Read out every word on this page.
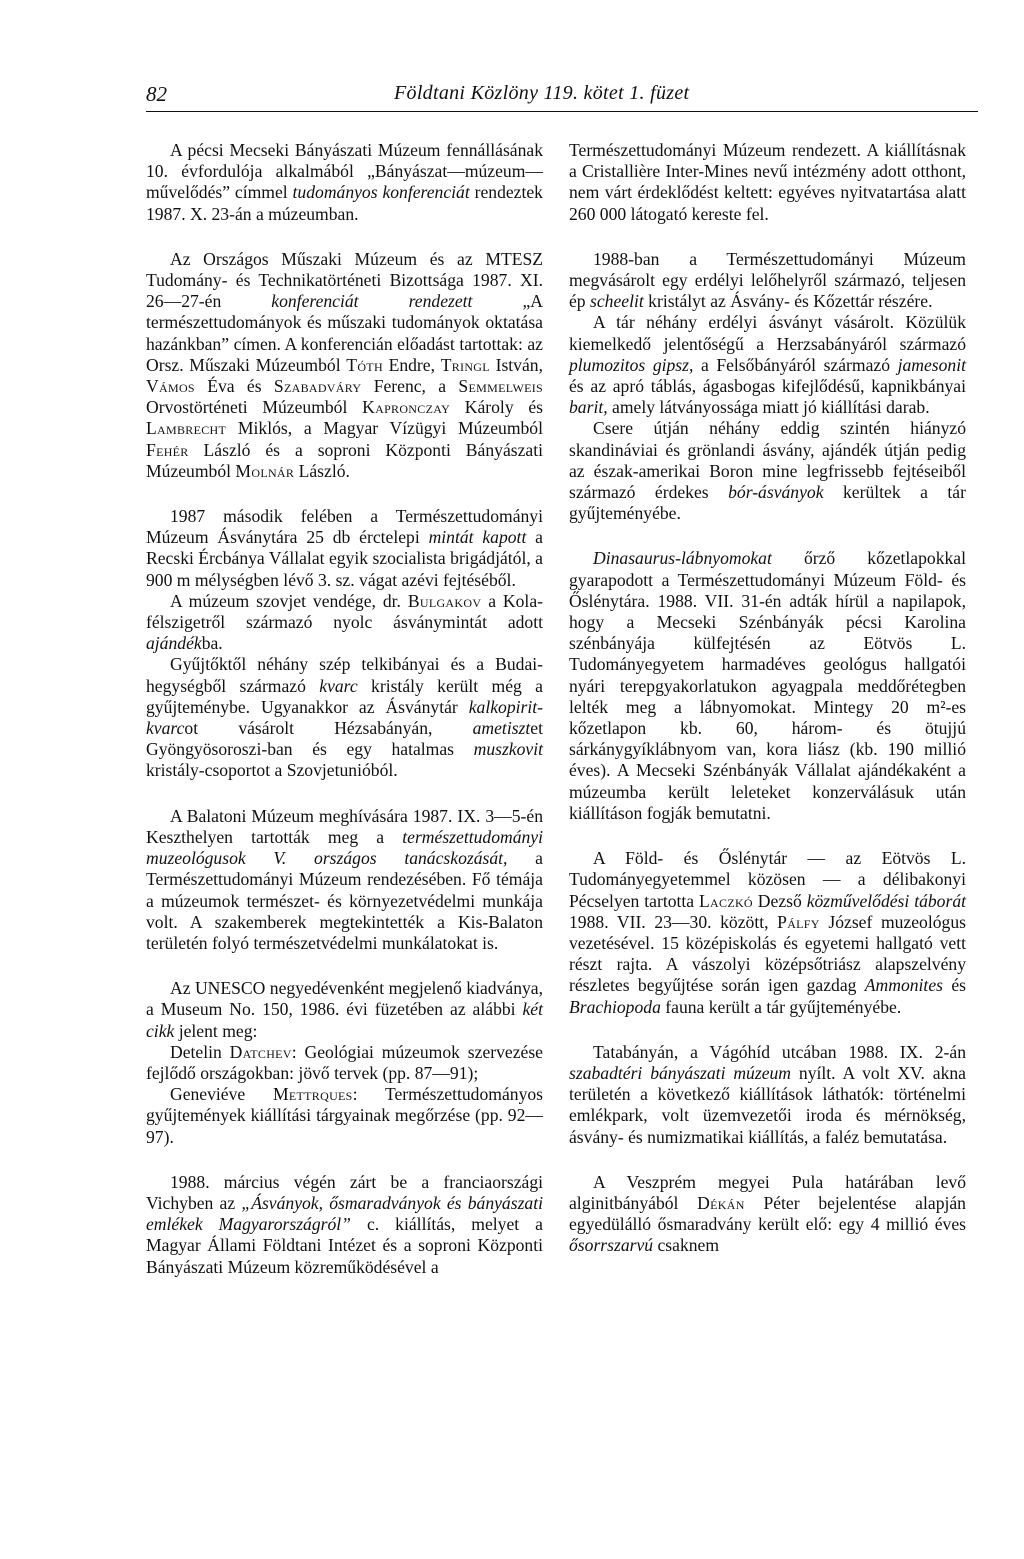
82	Földtani Közlöny 119. kötet 1. füzet

A pécsi Mecseki Bányászati Múzeum fennállásának 10. évfordulója alkalmából „Bányászat—múzeum—művelődés” címmel tudományos konferenciát rendeztek 1987. X. 23-án a múzeumban.

Az Országos Műszaki Múzeum és az MTESZ Tudomány- és Technikatörténeti Bizottsága 1987. XI. 26—27-én konferenciát rendezett „A természettudományok és műszaki tudományok oktatása hazánkban” címen. A konferencián előadást tartottak: az Orsz. Műszaki Múzeumból Tóth Endre, Tringl István, Vámos Éva és Szabadváry Ferenc, a Semmelweis Orvostörténeti Múzeumból Kapronczay Károly és Lambrecht Miklós, a Magyar Vízügyi Múzeumból Fehér László és a soproni Központi Bányászati Múzeumból Molnár László.

1987 második felében a Természettudományi Múzeum Ásványtára 25 db érctelepi mintát kapott a Recski Ércbánya Vállalat egyik szocialista brigádjától, a 900 m mélységben lévő 3. sz. vágat azévi fejtéséből.

A múzeum szovjet vendége, dr. Bulgakov a Kola-félszigetről származó nyolc ásványmintát adott ajándékba.

Gyűjtőktől néhány szép telkibányai és a Budai-hegységből származó kvarc kristály került még a gyűjteménybe. Ugyanakkor az Ásványtár kalkopirit-kvarcot vásárolt Hézsabányán, ametisztet Gyöngyösoroszi-ban és egy hatalmas muszkovit kristály-csoportot a Szovjetunióból.

A Balatoni Múzeum meghívására 1987. IX. 3—5-én Keszthelyen tartották meg a természettudományi muzeológusok V. országos tanácskozását, a Természettudományi Múzeum rendezésében. Fő témája a múzeumok természet- és környezetvédelmi munkája volt. A szakemberek megtekintették a Kis-Balaton területén folyó természetvédelmi munkálatokat is.

Az UNESCO negyedévenként megjelenő kiadványa, a Museum No. 150, 1986. évi füzetében az alábbi két cikk jelent meg:

Detelin Datchev: Geológiai múzeumok szervezése fejlődő országokban: jövő tervek (pp. 87—91);

Geneviéve Mettrques: Természettudományos gyűjtemények kiállítási tárgyainak megőrzése (pp. 92—97).

1988. március végén zárt be a franciaországi Vichyben az „Ásványok, ősmaradványok és bányászati emlékek Magyarországról” c. kiállítás, melyet a Magyar Állami Földtani Intézet és a soproni Központi Bányászati Múzeum közreműködésével a

Természettudományi Múzeum rendezett. A kiállításnak a Cristallière Inter-Mines nevű intézmény adott otthont, nem várt érdeklődést keltett: egyéves nyitvatartása alatt 260 000 látogató kereste fel.

1988-ban a Természettudományi Múzeum megvásárolt egy erdélyi lelőhelyről származó, teljesen ép scheelit kristályt az Ásvány- és Kőzettár részére.

A tár néhány erdélyi ásványt vásárolt. Közülük kiemelkedő jelentőségű a Herzsabányáról származó plumozitos gipsz, a Felsőbányáról származó jamesonit és az apró táblás, ágasbogas kifejlődésű, kapnikbányai barit, amely látványossága miatt jó kiállítási darab.

Csere útján néhány eddig szintén hiányzó skandináviai és grönlandi ásvány, ajándék útján pedig az észak-amerikai Boron mine legfrissebb fejtéseiből származó érdekes bór-ásványok kerültek a tár gyűjteményébe.

Dinasaurus-lábnyomokat őrző kőzetlapokkal gyarapodott a Természettudományi Múzeum Föld- és Őslénytára. 1988. VII. 31-én adták hírül a napilapok, hogy a Mecseki Szénbányák pécsi Karolina szénbányája külfejtésén az Eötvös L. Tudományegyetem harmadéves geológus hallgatói nyári terepgyakorlatukon agyagpala meddőrétegben lelték meg a lábnyomokat. Mintegy 20 m²-es kőzetlapon kb. 60, három- és ötujjú sárkánygyíklábnyom van, kora liász (kb. 190 millió éves). A Mecseki Szénbányák Vállalat ajándékaként a múzeumba került leleteket konzerválásuk után kiállításon fogják bemutatni.

A Föld- és Őslénytár — az Eötvös L. Tudományegyetemmel közösen — a délibakonyi Pécselyen tartotta Laczkó Dezső közművelődési táborát 1988. VII. 23—30. között, Pálfy József muzeológus vezetésével. 15 középiskolás és egyetemi hallgató vett részt rajta. A vászolyi középsőtriász alapszelvény részletes begyűjtése során igen gazdag Ammonites és Brachiopoda fauna került a tár gyűjteményébe.

Tatabányán, a Vágóhíd utcában 1988. IX. 2-án szabadtéri bányászati múzeum nyílt. A volt XV. akna területén a következő kiállítások láthatók: történelmi emlékpark, volt üzemvezetői iroda és mérnökség, ásvány- és numizmatikai kiállítás, a faléz bemutatása.

A Veszprém megyei Pula határában levő alginitbányából Dékán Péter bejelentése alapján egyedülálló ősmaradvány került elő: egy 4 millió éves ősorrszarvú csaknem
